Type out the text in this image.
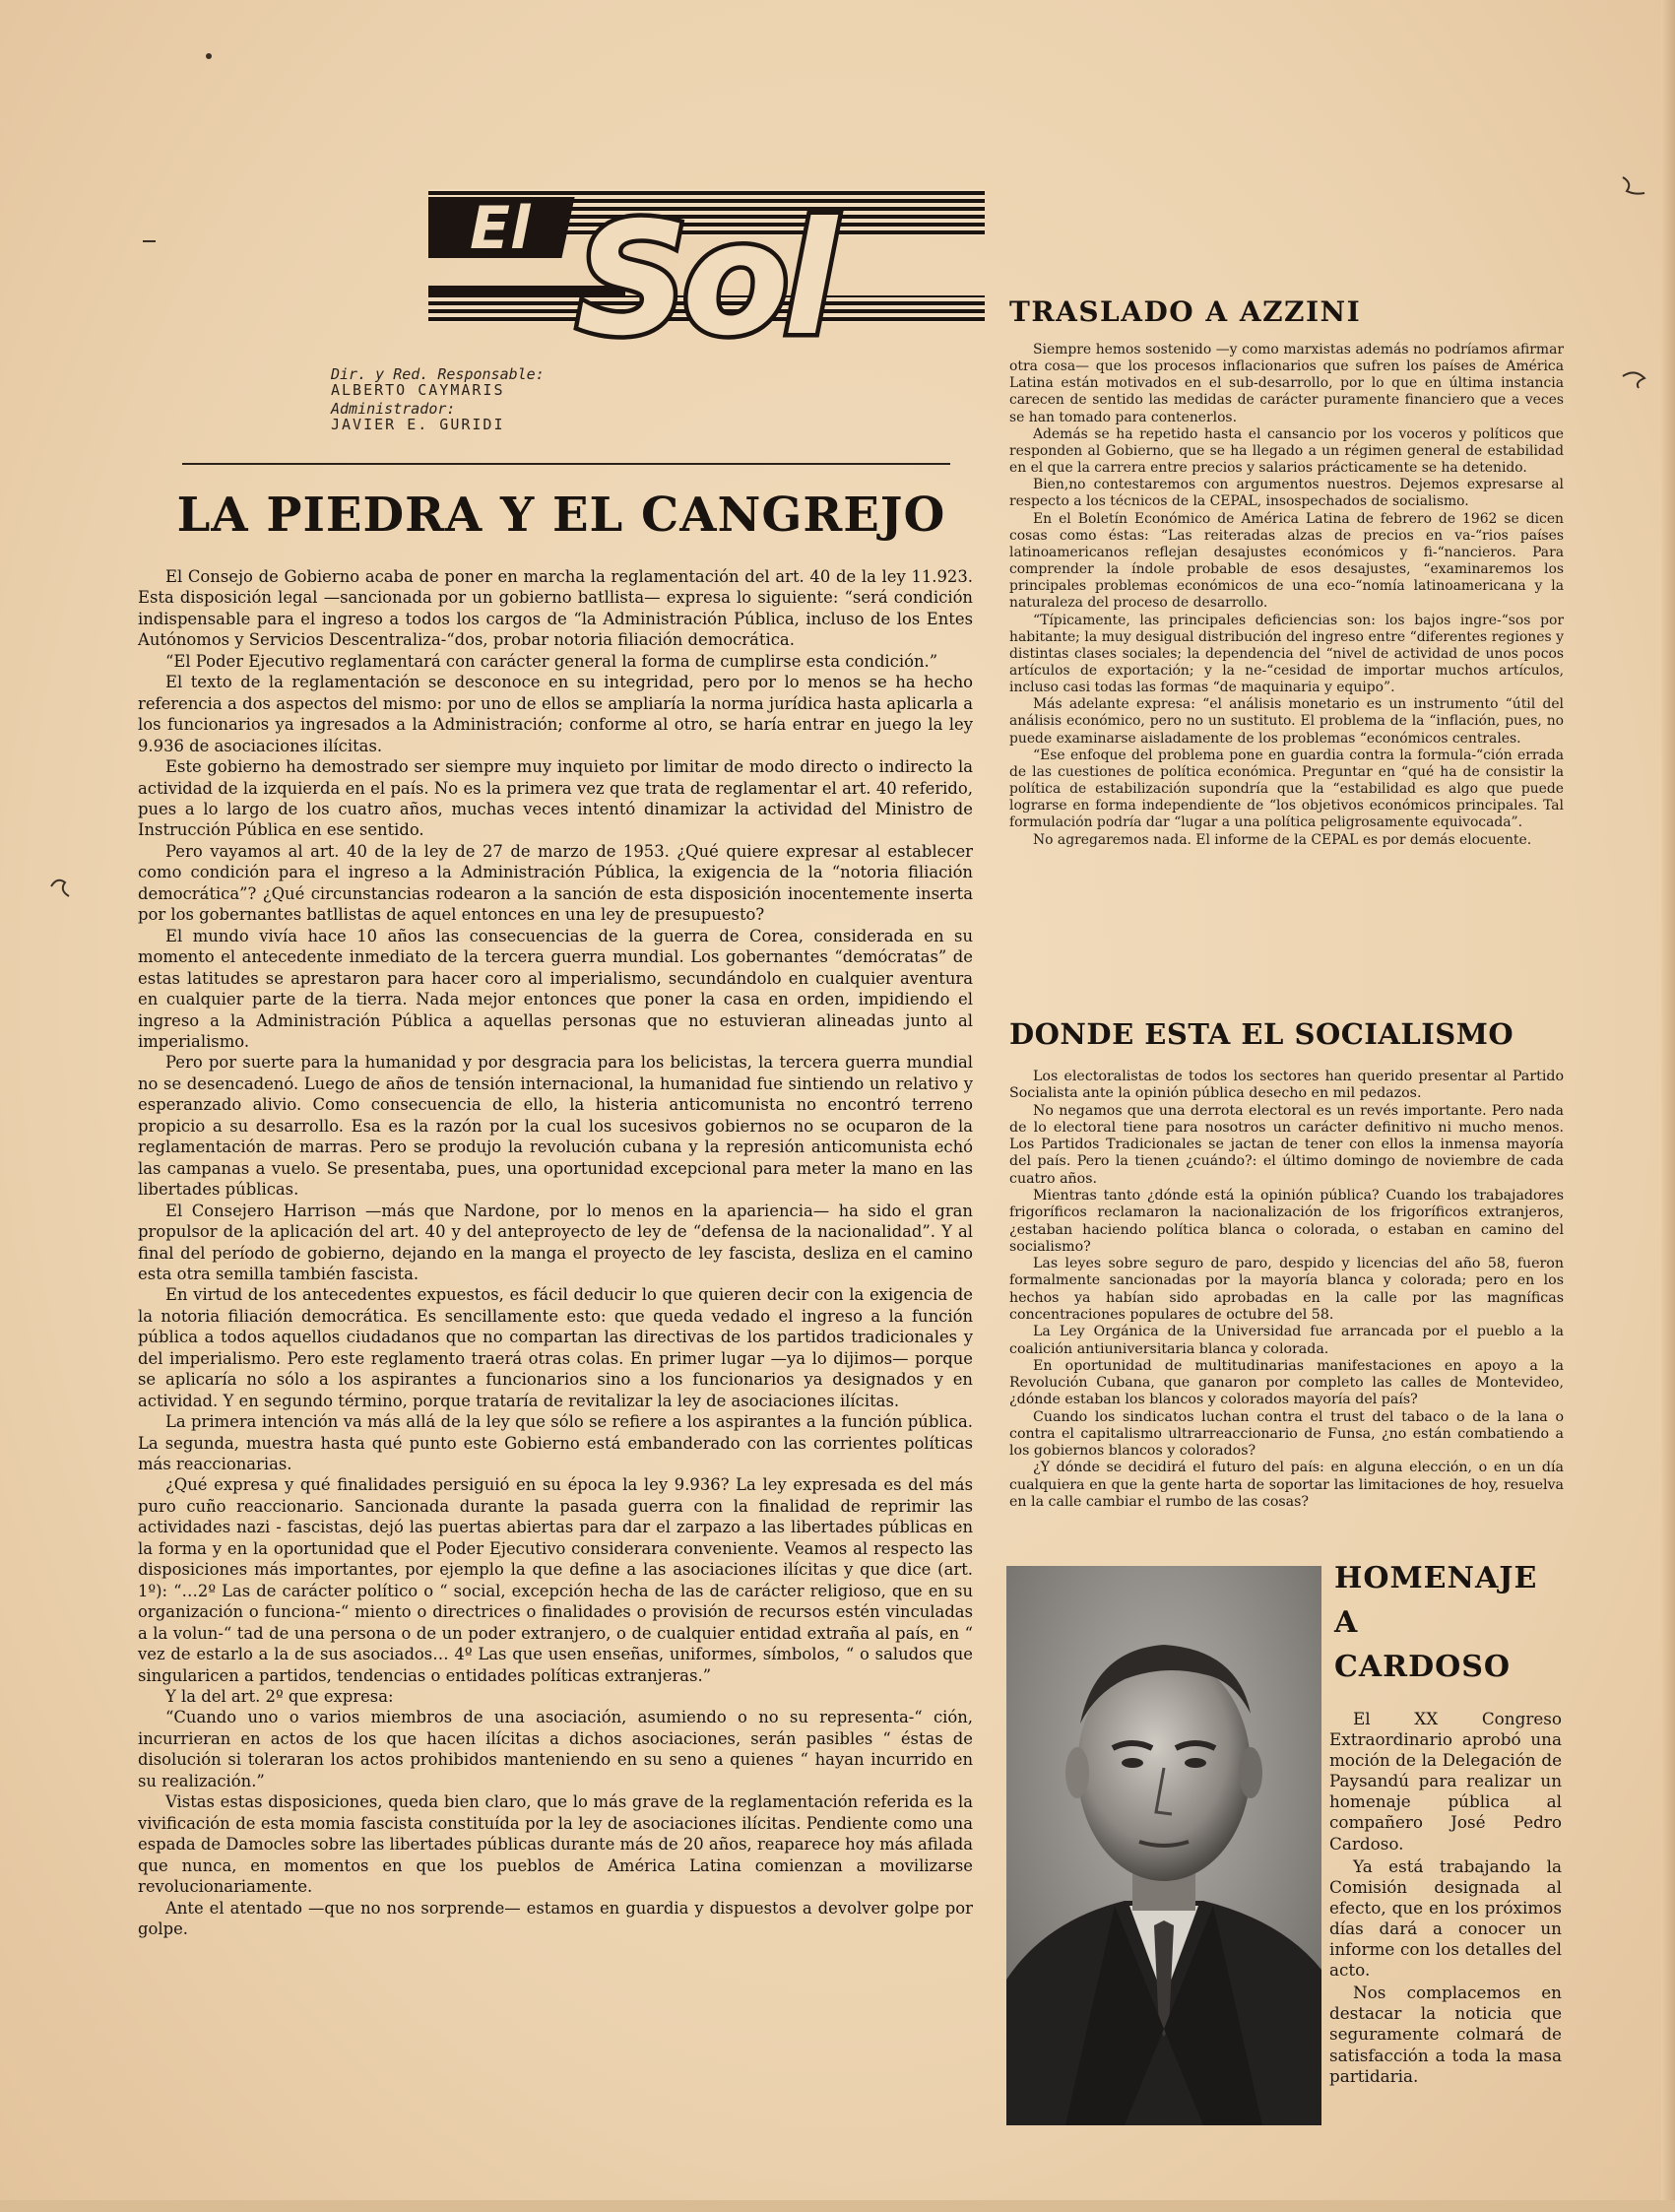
El Sol
Dir. y Red. Responsable:
ALBERTO CAYMARIS
Administrador:
JAVIER E. GURIDI
LA PIEDRA Y EL CANGREJO

El Consejo de Gobierno acaba de poner en marcha la reglamentación del art. 40 de la ley 11.923. Esta disposición legal —sancionada por un gobierno batllista— expresa lo siguiente: “será condición indispensable para el ingreso a todos los cargos de “la Administración Pública, incluso de los Entes Autónomos y Servicios Descentraliza-“dos, probar notoria filiación democrática.

“El Poder Ejecutivo reglamentará con carácter general la forma de cumplirse esta condición.”

El texto de la reglamentación se desconoce en su integridad, pero por lo menos se ha hecho referencia a dos aspectos del mismo: por uno de ellos se ampliaría la norma jurídica hasta aplicarla a los funcionarios ya ingresados a la Administración; conforme al otro, se haría entrar en juego la ley 9.936 de asociaciones ilícitas.

Este gobierno ha demostrado ser siempre muy inquieto por limitar de modo directo o indirecto la actividad de la izquierda en el país. No es la primera vez que trata de reglamentar el art. 40 referido, pues a lo largo de los cuatro años, muchas veces intentó dinamizar la actividad del Ministro de Instrucción Pública en ese sentido.

Pero vayamos al art. 40 de la ley de 27 de marzo de 1953. ¿Qué quiere expresar al establecer como condición para el ingreso a la Administración Pública, la exigencia de la “notoria filiación democrática”? ¿Qué circunstancias rodearon a la sanción de esta disposición inocentemente inserta por los gobernantes batllistas de aquel entonces en una ley de presupuesto?

El mundo vivía hace 10 años las consecuencias de la guerra de Corea, considerada en su momento el antecedente inmediato de la tercera guerra mundial. Los gobernantes “demócratas” de estas latitudes se aprestaron para hacer coro al imperialismo, secundándolo en cualquier aventura en cualquier parte de la tierra. Nada mejor entonces que poner la casa en orden, impidiendo el ingreso a la Administración Pública a aquellas personas que no estuvieran alineadas junto al imperialismo.

Pero por suerte para la humanidad y por desgracia para los belicistas, la tercera guerra mundial no se desencadenó. Luego de años de tensión internacional, la humanidad fue sintiendo un relativo y esperanzado alivio. Como consecuencia de ello, la histeria anticomunista no encontró terreno propicio a su desarrollo. Esa es la razón por la cual los sucesivos gobiernos no se ocuparon de la reglamentación de marras. Pero se produjo la revolución cubana y la represión anticomunista echó las campanas a vuelo. Se presentaba, pues, una oportunidad excepcional para meter la mano en las libertades públicas.

El Consejero Harrison —más que Nardone, por lo menos en la apariencia— ha sido el gran propulsor de la aplicación del art. 40 y del anteproyecto de ley de “defensa de la nacionalidad”. Y al final del período de gobierno, dejando en la manga el proyecto de ley fascista, desliza en el camino esta otra semilla también fascista.

En virtud de los antecedentes expuestos, es fácil deducir lo que quieren decir con la exigencia de la notoria filiación democrática. Es sencillamente esto: que queda vedado el ingreso a la función pública a todos aquellos ciudadanos que no compartan las directivas de los partidos tradicionales y del imperialismo. Pero este reglamento traerá otras colas. En primer lugar —ya lo dijimos— porque se aplicaría no sólo a los aspirantes a funcionarios sino a los funcionarios ya designados y en actividad. Y en segundo término, porque trataría de revitalizar la ley de asociaciones ilícitas.

La primera intención va más allá de la ley que sólo se refiere a los aspirantes a la función pública. La segunda, muestra hasta qué punto este Gobierno está embanderado con las corrientes políticas más reaccionarias.

¿Qué expresa y qué finalidades persiguió en su época la ley 9.936? La ley expresada es del más puro cuño reaccionario. Sancionada durante la pasada guerra con la finalidad de reprimir las actividades nazi - fascistas, dejó las puertas abiertas para dar el zarpazo a las libertades públicas en la forma y en la oportunidad que el Poder Ejecutivo considerara conveniente. Veamos al respecto las disposiciones más importantes, por ejemplo la que define a las asociaciones ilícitas y que dice (art. 1º): “…2º Las de carácter político o “ social, excepción hecha de las de carácter religioso, que en su organización o funciona-“ miento o directrices o finalidades o provisión de recursos estén vinculadas a la volun-“ tad de una persona o de un poder extranjero, o de cualquier entidad extraña al país, en “ vez de estarlo a la de sus asociados… 4º Las que usen enseñas, uniformes, símbolos, “ o saludos que singularicen a partidos, tendencias o entidades políticas extranjeras.”

Y la del art. 2º que expresa:

“Cuando uno o varios miembros de una asociación, asumiendo o no su representa-“ ción, incurrieran en actos de los que hacen ilícitas a dichos asociaciones, serán pasibles “ éstas de disolución si toleraran los actos prohibidos manteniendo en su seno a quienes “ hayan incurrido en su realización.”

Vistas estas disposiciones, queda bien claro, que lo más grave de la reglamentación referida es la vivificación de esta momia fascista constituída por la ley de asociaciones ilícitas. Pendiente como una espada de Damocles sobre las libertades públicas durante más de 20 años, reaparece hoy más afilada que nunca, en momentos en que los pueblos de América Latina comienzan a movilizarse revolucionariamente.

Ante el atentado —que no nos sorprende— estamos en guardia y dispuestos a devolver golpe por golpe.

TRASLADO A AZZINI

Siempre hemos sostenido —y como marxistas además no podríamos afirmar otra cosa— que los procesos inflacionarios que sufren los países de América Latina están motivados en el sub-desarrollo, por lo que en última instancia carecen de sentido las medidas de carácter puramente financiero que a veces se han tomado para contenerlos.

Además se ha repetido hasta el cansancio por los voceros y políticos que responden al Gobierno, que se ha llegado a un régimen general de estabilidad en el que la carrera entre precios y salarios prácticamente se ha detenido.

Bien,no contestaremos con argumentos nuestros. Dejemos expresarse al respecto a los técnicos de la CEPAL, insospechados de socialismo.

En el Boletín Económico de América Latina de febrero de 1962 se dicen cosas como éstas: “Las reiteradas alzas de precios en va-“rios países latinoamericanos reflejan desajustes económicos y fi-“nancieros. Para comprender la índole probable de esos desajustes, “examinaremos los principales problemas económicos de una eco-“nomía latinoamericana y la naturaleza del proceso de desarrollo.

“Típicamente, las principales deficiencias son: los bajos ingre-“sos por habitante; la muy desigual distribución del ingreso entre “diferentes regiones y distintas clases sociales; la dependencia del “nivel de actividad de unos pocos artículos de exportación; y la ne-“cesidad de importar muchos artículos, incluso casi todas las formas “de maquinaria y equipo”.

Más adelante expresa: “el análisis monetario es un instrumento “útil del análisis económico, pero no un sustituto. El problema de la “inflación, pues, no puede examinarse aisladamente de los problemas “económicos centrales.

“Ese enfoque del problema pone en guardia contra la formula-“ción errada de las cuestiones de política económica. Preguntar en “qué ha de consistir la política de estabilización supondría que la “estabilidad es algo que puede lograrse en forma independiente de “los objetivos económicos principales. Tal formulación podría dar “lugar a una política peligrosamente equivocada”.

No agregaremos nada. El informe de la CEPAL es por demás elocuente.

DONDE ESTA EL SOCIALISMO

Los electoralistas de todos los sectores han querido presentar al Partido Socialista ante la opinión pública desecho en mil pedazos.

No negamos que una derrota electoral es un revés importante. Pero nada de lo electoral tiene para nosotros un carácter definitivo ni mucho menos. Los Partidos Tradicionales se jactan de tener con ellos la inmensa mayoría del país. Pero la tienen ¿cuándo?: el último domingo de noviembre de cada cuatro años.

Mientras tanto ¿dónde está la opinión pública? Cuando los trabajadores frigoríficos reclamaron la nacionalización de los frigoríficos extranjeros, ¿estaban haciendo política blanca o colorada, o estaban en camino del socialismo?

Las leyes sobre seguro de paro, despido y licencias del año 58, fueron formalmente sancionadas por la mayoría blanca y colorada; pero en los hechos ya habían sido aprobadas en la calle por las magníficas concentraciones populares de octubre del 58.

La Ley Orgánica de la Universidad fue arrancada por el pueblo a la coalición antiuniversitaria blanca y colorada.

En oportunidad de multitudinarias manifestaciones en apoyo a la Revolución Cubana, que ganaron por completo las calles de Montevideo, ¿dónde estaban los blancos y colorados mayoría del país?

Cuando los sindicatos luchan contra el trust del tabaco o de la lana o contra el capitalismo ultrarreaccionario de Funsa, ¿no están combatiendo a los gobiernos blancos y colorados?

¿Y dónde se decidirá el futuro del país: en alguna elección, o en un día cualquiera en que la gente harta de soportar las limitaciones de hoy, resuelva en la calle cambiar el rumbo de las cosas?

HOMENAJE
A
CARDOSO

El XX Congreso Extraordinario aprobó una moción de la Delegación de Paysandú para realizar un homenaje pública al compañero José Pedro Cardoso.

Ya está trabajando la Comisión designada al efecto, que en los próximos días dará a conocer un informe con los detalles del acto.

Nos complacemos en destacar la noticia que seguramente colmará de satisfacción a toda la masa partidaria.
